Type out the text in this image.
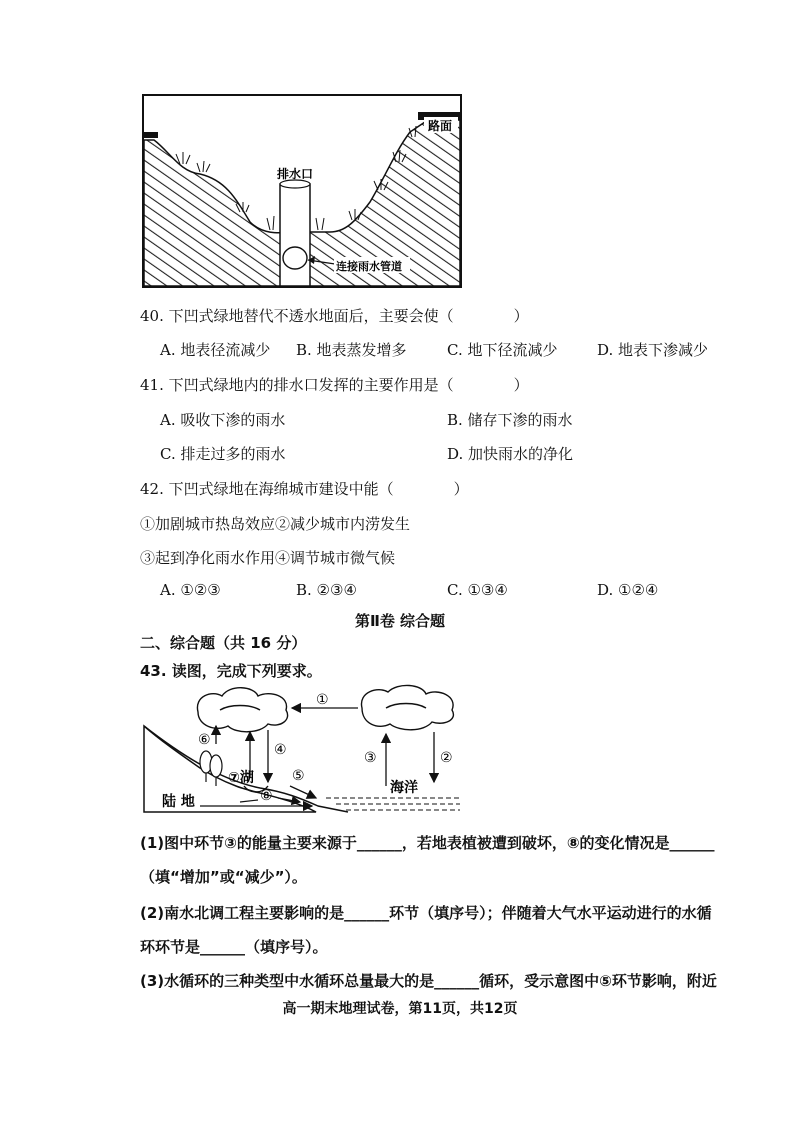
路面
排水口
连接雨水管道
40. 下凹式绿地替代不透水地面后，主要会使（　　　　）
A. 地表径流减少 B. 地表蒸发增多	C. 地下径流减少	D. 地表下渗减少
41. 下凹式绿地内的排水口发挥的主要作用是（　　　　）
A. 吸收下渗的雨水	B. 储存下渗的雨水
C. 排走过多的雨水	D. 加快雨水的净化
42. 下凹式绿地在海绵城市建设中能（　　　　）
①加剧城市热岛效应②减少城市内涝发生
③起到净化雨水作用④调节城市微气候
A. ①②③	B. ②③④	C. ①③④	D. ①②④
第Ⅱ卷 综合题
二、综合题（共 16 分）
43. 读图，完成下列要求。
①
②
③
④
⑥
⑦湖
⑧
⑤
海洋
陆 地
(1)图中环节③的能量主要来源于______，若地表植被遭到破坏，⑧的变化情况是______
（填“增加”或“减少”）。
(2)南水北调工程主要影响的是______环节（填序号）；伴随着大气水平运动进行的水循
环环节是______（填序号）。
(3)水循环的三种类型中水循环总量最大的是______循环，受示意图中⑤环节影响，附近
高一期末地理试卷，第11页，共12页
